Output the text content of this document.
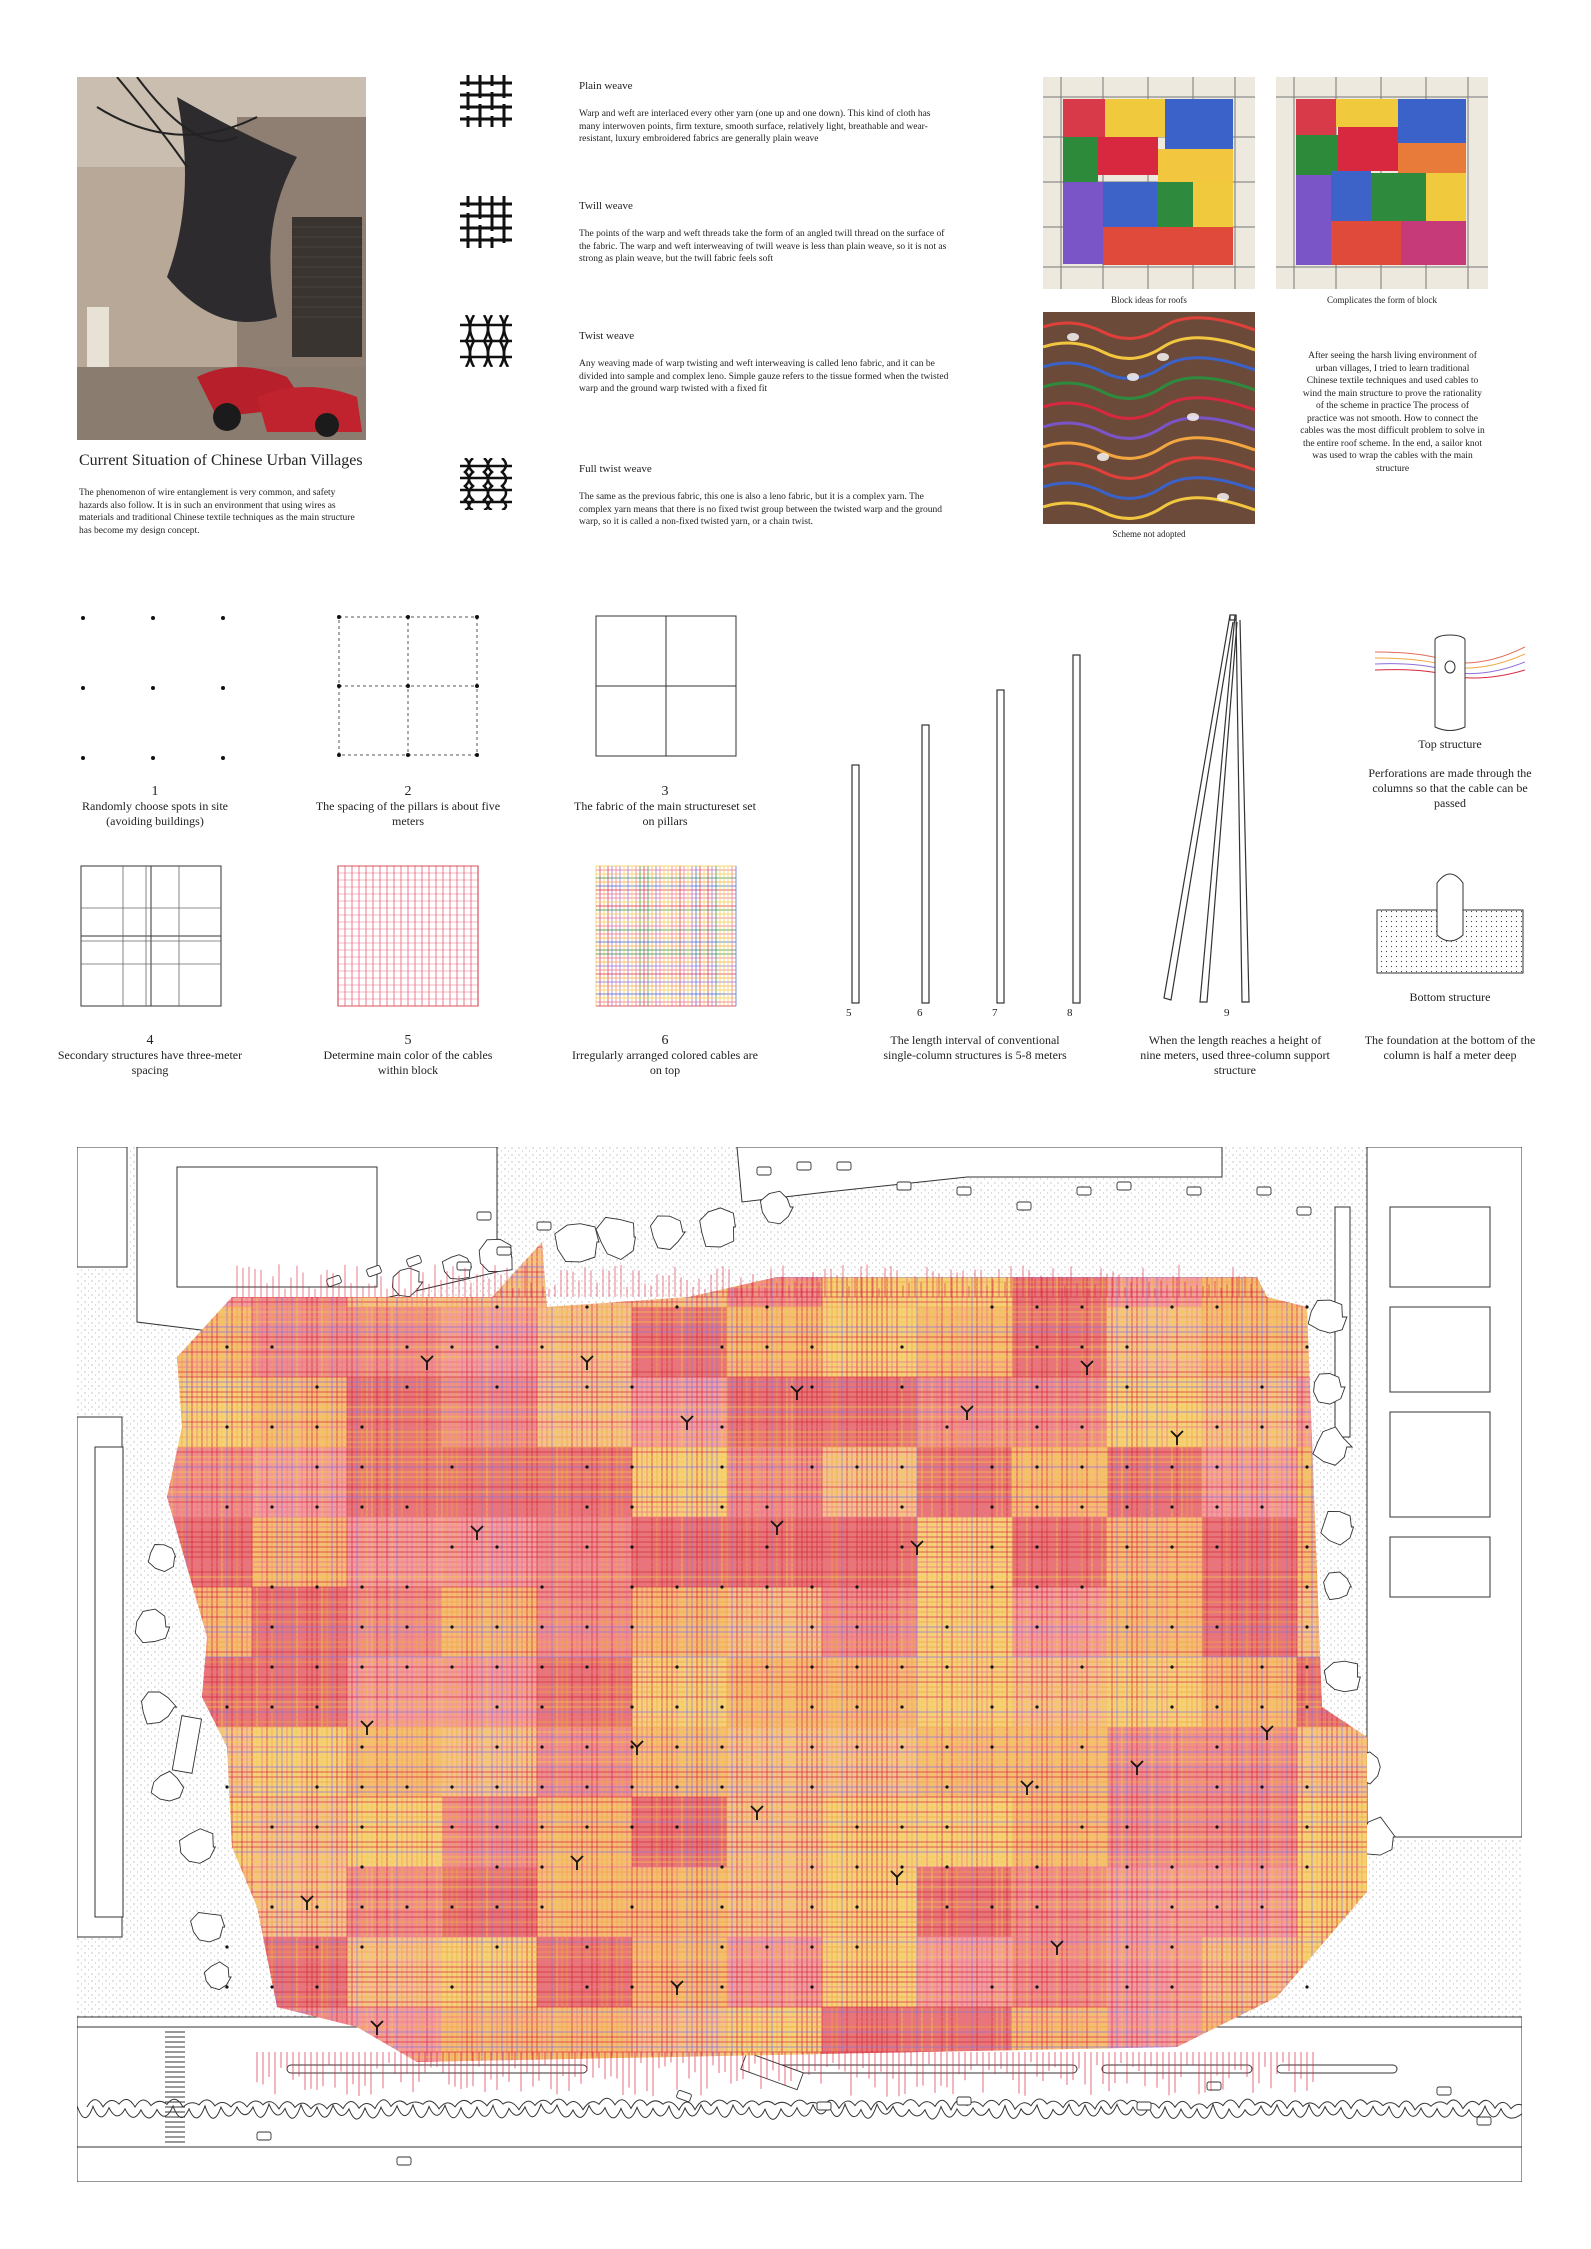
Current Situation of Chinese Urban Villages
The phenomenon of wire entanglement is very common, and safety hazards also follow. It is in such an environment that using wires as materials and traditional Chinese textile techniques as the main structure has become my design concept.
Plain weave
Warp and weft are interlaced every other yarn (one up and one down). This kind of cloth has many interwoven points, firm texture, smooth surface, relatively light, breathable and wear-resistant, luxury embroidered fabrics are generally plain weave
Twill weave
The points of the warp and weft threads take the form of an angled twill thread on the surface of the fabric. The warp and weft interweaving of twill weave is less than plain weave, so it is not as strong as plain weave, but the twill fabric feels soft
Twist weave
Any weaving made of warp twisting and weft interweaving is called leno fabric, and it can be divided into sample and complex leno. Simple gauze refers to the tissue formed when the twisted warp and the ground warp twisted with a fixed fit
Full twist weave
The same as the previous fabric, this one is also a leno fabric, but it is a complex yarn. The complex yarn means that there is no fixed twist group between the twisted warp and the ground warp, so it is called a non-fixed twisted yarn, or a chain twist.
Block ideas for roofs	Complicates the form of block
Scheme not adopted
After seeing the harsh living environment of urban villages, I tried to learn traditional Chinese textile techniques and used cables to wind the main structure to prove the rationality of the scheme in practice The process of practice was not smooth. How to connect the cables was the most difficult problem to solve in the entire roof scheme. In the end, a sailor knot was used to wrap the cables with the main structure
1
Randomly choose spots in site (avoiding buildings)
2
The spacing of the pillars is about five meters
3
The fabric of the main structureset set on pillars
4
Secondary structures have three-meter spacing
5
Determine main color of the cables within block
6
Irregularly arranged colored cables are on top
5	6	7	8	9
The length interval of conventional single-column structures is 5-8 meters
When the length reaches a height of nine meters, used three-column support structure
Top structure
Perforations are made through the columns so that the cable can be passed
Bottom structure
The foundation at the bottom of the column is half a meter deep
